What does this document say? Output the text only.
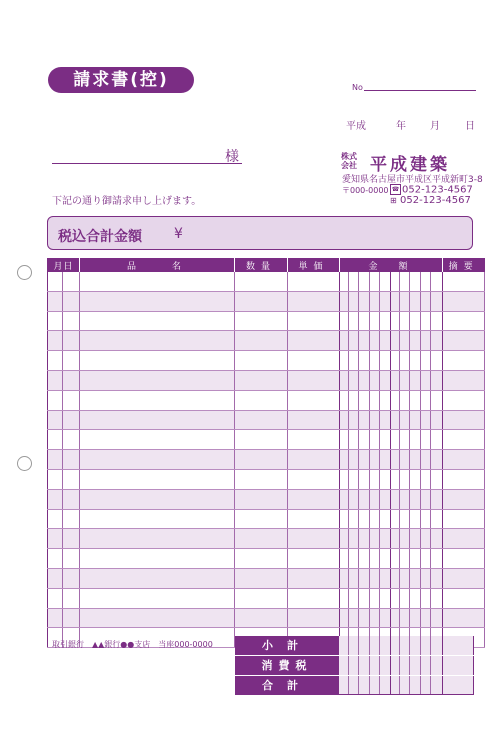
請求書(控)	No
平成	年 月	日
様	株式
会社 平成建築
愛知県名古屋市平成区平成新町3-8
〒000-0000 ☎ 052-123-4567
⊞ 052-123-4567
下記の通り御請求申し上げます。
税込合計金額 ¥
月日		品　　名	数量	単価	金　額										摘要

取引銀行　▲▲銀行●●支店　当座000-0000	小計
消費税
合計
